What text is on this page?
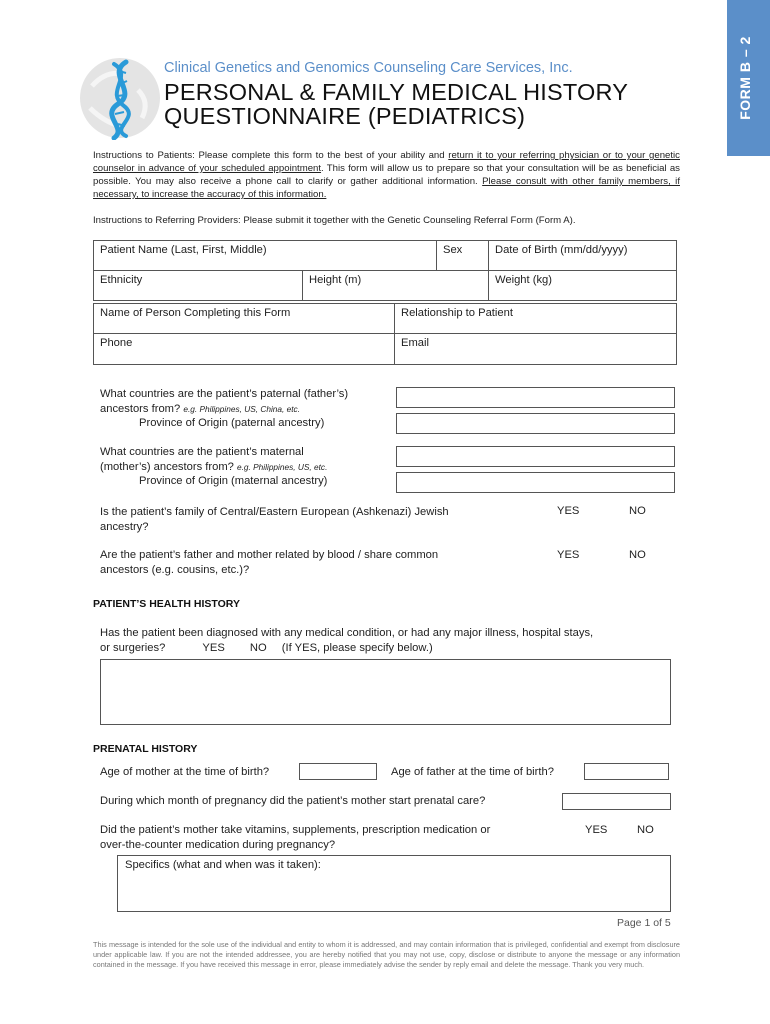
FORM B – 2
Clinical Genetics and Genomics Counseling Care Services, Inc.
PERSONAL & FAMILY MEDICAL HISTORY
QUESTIONNAIRE (PEDIATRICS)
Instructions to Patients: Please complete this form to the best of your ability and return it to your referring physician or to your genetic counselor in advance of your scheduled appointment. This form will allow us to prepare so that your consultation will be as beneficial as possible. You may also receive a phone call to clarify or gather additional information. Please consult with other family members, if necessary, to increase the accuracy of this information.
Instructions to Referring Providers: Please submit it together with the Genetic Counseling Referral Form (Form A).
Patient Name (Last, First, Middle)	Sex	Date of Birth (mm/dd/yyyy)
Ethnicity	Height (m)	Weight (kg)
Name of Person Completing this Form	Relationship to Patient
Phone	Email
What countries are the patient’s paternal (father’s)
ancestors from? e.g. Philippines, US, China, etc.
Province of Origin (paternal ancestry)
What countries are the patient’s maternal
(mother’s) ancestors from? e.g. Philippines, US, etc.
Province of Origin (maternal ancestry)
Is the patient’s family of Central/Eastern European (Ashkenazi) Jewish
ancestry?
YES	NO
Are the patient’s father and mother related by blood / share common
ancestors (e.g. cousins, etc.)?
YES	NO
PATIENT’S HEALTH HISTORY
Has the patient been diagnosed with any medical condition, or had any major illness, hospital stays,
or surgeries?	YES NO (If YES, please specify below.)
PRENATAL HISTORY
Age of mother at the time of birth?	Age of father at the time of birth?
During which month of pregnancy did the patient’s mother start prenatal care?
Did the patient’s mother take vitamins, supplements, prescription medication or
over-the-counter medication during pregnancy?
YES	NO
Specifics (what and when was it taken):
Page 1 of 5
This message is intended for the sole use of the individual and entity to whom it is addressed, and may contain information that is privileged, confidential and exempt from disclosure under applicable law. If you are not the intended addressee, you are hereby notified that you may not use, copy, disclose or distribute to anyone the message or any information contained in the message. If you have received this message in error, please immediately advise the sender by reply email and delete the message. Thank you very much.
